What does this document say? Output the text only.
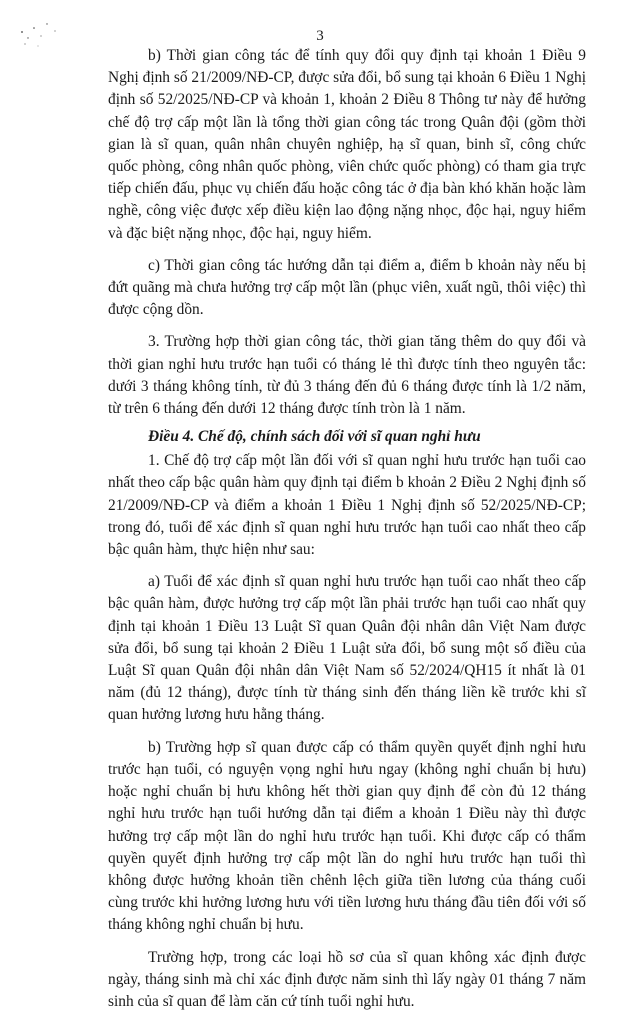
3

b) Thời gian công tác để tính quy đổi quy định tại khoản 1 Điều 9 Nghị định số 21/2009/NĐ-CP, được sửa đổi, bổ sung tại khoản 6 Điều 1 Nghị định số 52/2025/NĐ-CP và khoản 1, khoản 2 Điều 8 Thông tư này để hưởng chế độ trợ cấp một lần là tổng thời gian công tác trong Quân đội (gồm thời gian là sĩ quan, quân nhân chuyên nghiệp, hạ sĩ quan, binh sĩ, công chức quốc phòng, công nhân quốc phòng, viên chức quốc phòng) có tham gia trực tiếp chiến đấu, phục vụ chiến đấu hoặc công tác ở địa bàn khó khăn hoặc làm nghề, công việc được xếp điều kiện lao động nặng nhọc, độc hại, nguy hiểm và đặc biệt nặng nhọc, độc hại, nguy hiểm.

c) Thời gian công tác hướng dẫn tại điểm a, điểm b khoản này nếu bị đứt quãng mà chưa hưởng trợ cấp một lần (phục viên, xuất ngũ, thôi việc) thì được cộng dồn.

3. Trường hợp thời gian công tác, thời gian tăng thêm do quy đổi và thời gian nghỉ hưu trước hạn tuổi có tháng lẻ thì được tính theo nguyên tắc: dưới 3 tháng không tính, từ đủ 3 tháng đến đủ 6 tháng được tính là 1/2 năm, từ trên 6 tháng đến dưới 12 tháng được tính tròn là 1 năm.

Điều 4. Chế độ, chính sách đối với sĩ quan nghỉ hưu

1. Chế độ trợ cấp một lần đối với sĩ quan nghỉ hưu trước hạn tuổi cao nhất theo cấp bậc quân hàm quy định tại điểm b khoản 2 Điều 2 Nghị định số 21/2009/NĐ-CP và điểm a khoản 1 Điều 1 Nghị định số 52/2025/NĐ-CP; trong đó, tuổi để xác định sĩ quan nghỉ hưu trước hạn tuổi cao nhất theo cấp bậc quân hàm, thực hiện như sau:

a) Tuổi để xác định sĩ quan nghỉ hưu trước hạn tuổi cao nhất theo cấp bậc quân hàm, được hưởng trợ cấp một lần phải trước hạn tuổi cao nhất quy định tại khoản 1 Điều 13 Luật Sĩ quan Quân đội nhân dân Việt Nam được sửa đổi, bổ sung tại khoản 2 Điều 1 Luật sửa đổi, bổ sung một số điều của Luật Sĩ quan Quân đội nhân dân Việt Nam số 52/2024/QH15 ít nhất là 01 năm (đủ 12 tháng), được tính từ tháng sinh đến tháng liền kề trước khi sĩ quan hưởng lương hưu hằng tháng.

b) Trường hợp sĩ quan được cấp có thẩm quyền quyết định nghỉ hưu trước hạn tuổi, có nguyện vọng nghỉ hưu ngay (không nghỉ chuẩn bị hưu) hoặc nghỉ chuẩn bị hưu không hết thời gian quy định để còn đủ 12 tháng nghỉ hưu trước hạn tuổi hướng dẫn tại điểm a khoản 1 Điều này thì được hưởng trợ cấp một lần do nghỉ hưu trước hạn tuổi. Khi được cấp có thẩm quyền quyết định hưởng trợ cấp một lần do nghỉ hưu trước hạn tuổi thì không được hưởng khoản tiền chênh lệch giữa tiền lương của tháng cuối cùng trước khi hưởng lương hưu với tiền lương hưu tháng đầu tiên đối với số tháng không nghỉ chuẩn bị hưu.

Trường hợp, trong các loại hồ sơ của sĩ quan không xác định được ngày, tháng sinh mà chỉ xác định được năm sinh thì lấy ngày 01 tháng 7 năm sinh của sĩ quan để làm căn cứ tính tuổi nghỉ hưu.
